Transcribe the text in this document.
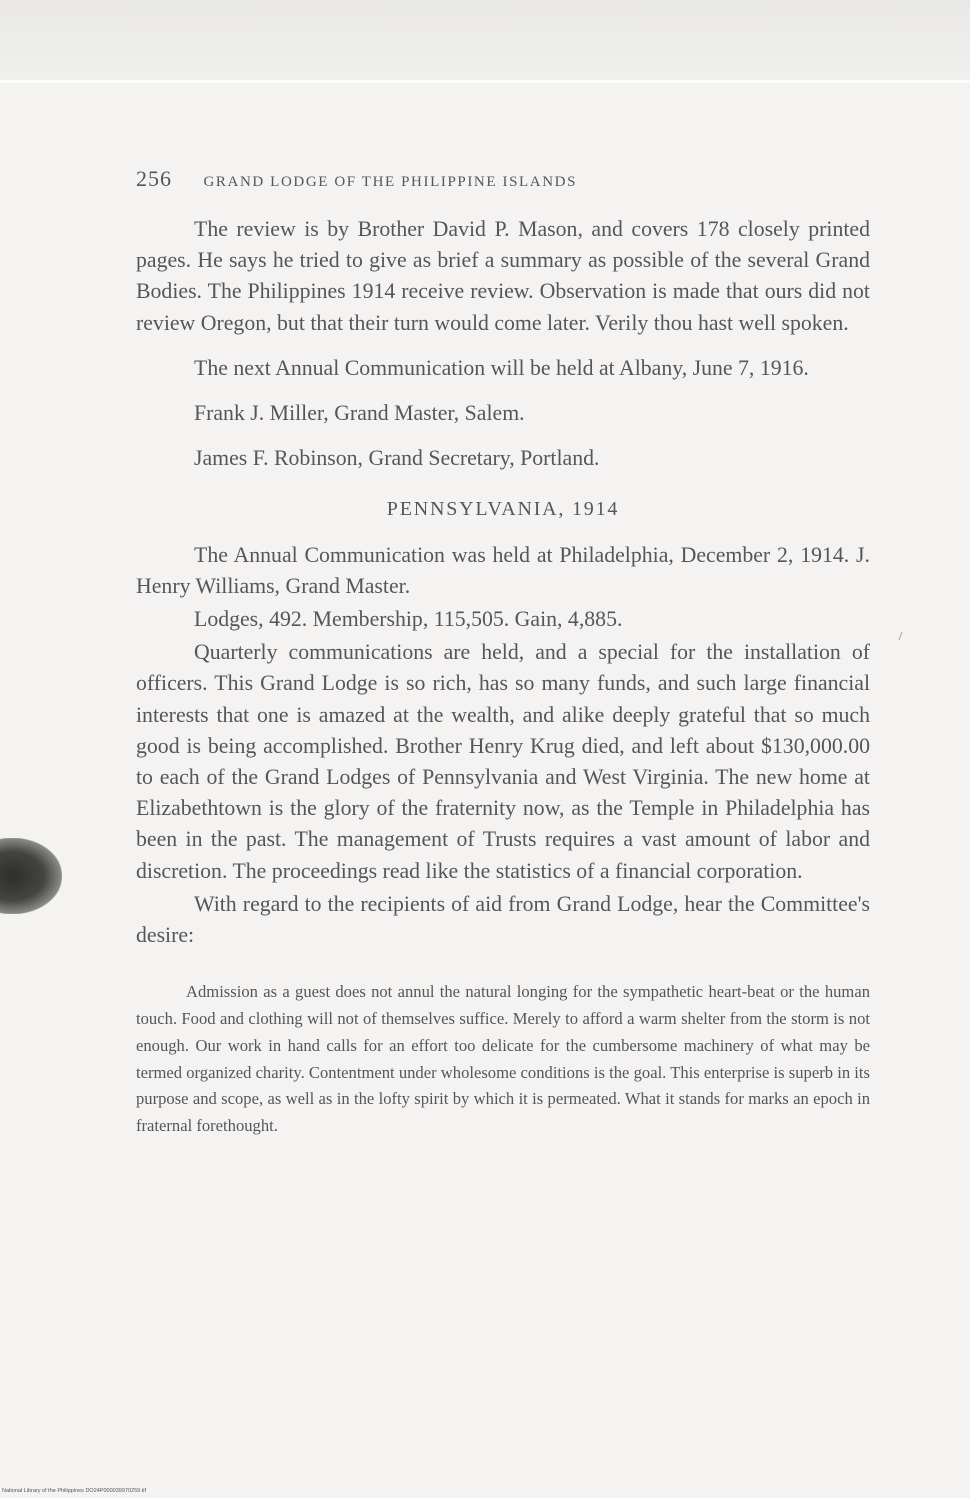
256 GRAND LODGE OF THE PHILIPPINE ISLANDS

The review is by Brother David P. Mason, and covers 178 closely printed pages. He says he tried to give as brief a summary as possible of the several Grand Bodies. The Philippines 1914 receive review. Observation is made that ours did not review Oregon, but that their turn would come later. Verily thou hast well spoken.

The next Annual Communication will be held at Albany, June 7, 1916.

Frank J. Miller, Grand Master, Salem.

James F. Robinson, Grand Secretary, Portland.

PENNSYLVANIA, 1914

The Annual Communication was held at Philadelphia, December 2, 1914. J. Henry Williams, Grand Master.

Lodges, 492. Membership, 115,505. Gain, 4,885.

Quarterly communications are held, and a special for the installation of officers. This Grand Lodge is so rich, has so many funds, and such large financial interests that one is amazed at the wealth, and alike deeply grateful that so much good is being accomplished. Brother Henry Krug died, and left about $130,000.00 to each of the Grand Lodges of Pennsylvania and West Virginia. The new home at Elizabethtown is the glory of the fraternity now, as the Temple in Philadelphia has been in the past. The management of Trusts requires a vast amount of labor and discretion. The proceedings read like the statistics of a financial corporation.

With regard to the recipients of aid from Grand Lodge, hear the Committee's desire:

Admission as a guest does not annul the natural longing for the sympathetic heart-beat or the human touch. Food and clothing will not of themselves suffice. Merely to afford a warm shelter from the storm is not enough. Our work in hand calls for an effort too delicate for the cumbersome machinery of what may be termed organized charity. Contentment under wholesome conditions is the goal. This enterprise is superb in its purpose and scope, as well as in the lofty spirit by which it is permeated. What it stands for marks an epoch in fraternal forethought.

National Library of the Philippines DO24P000039970259.tif
